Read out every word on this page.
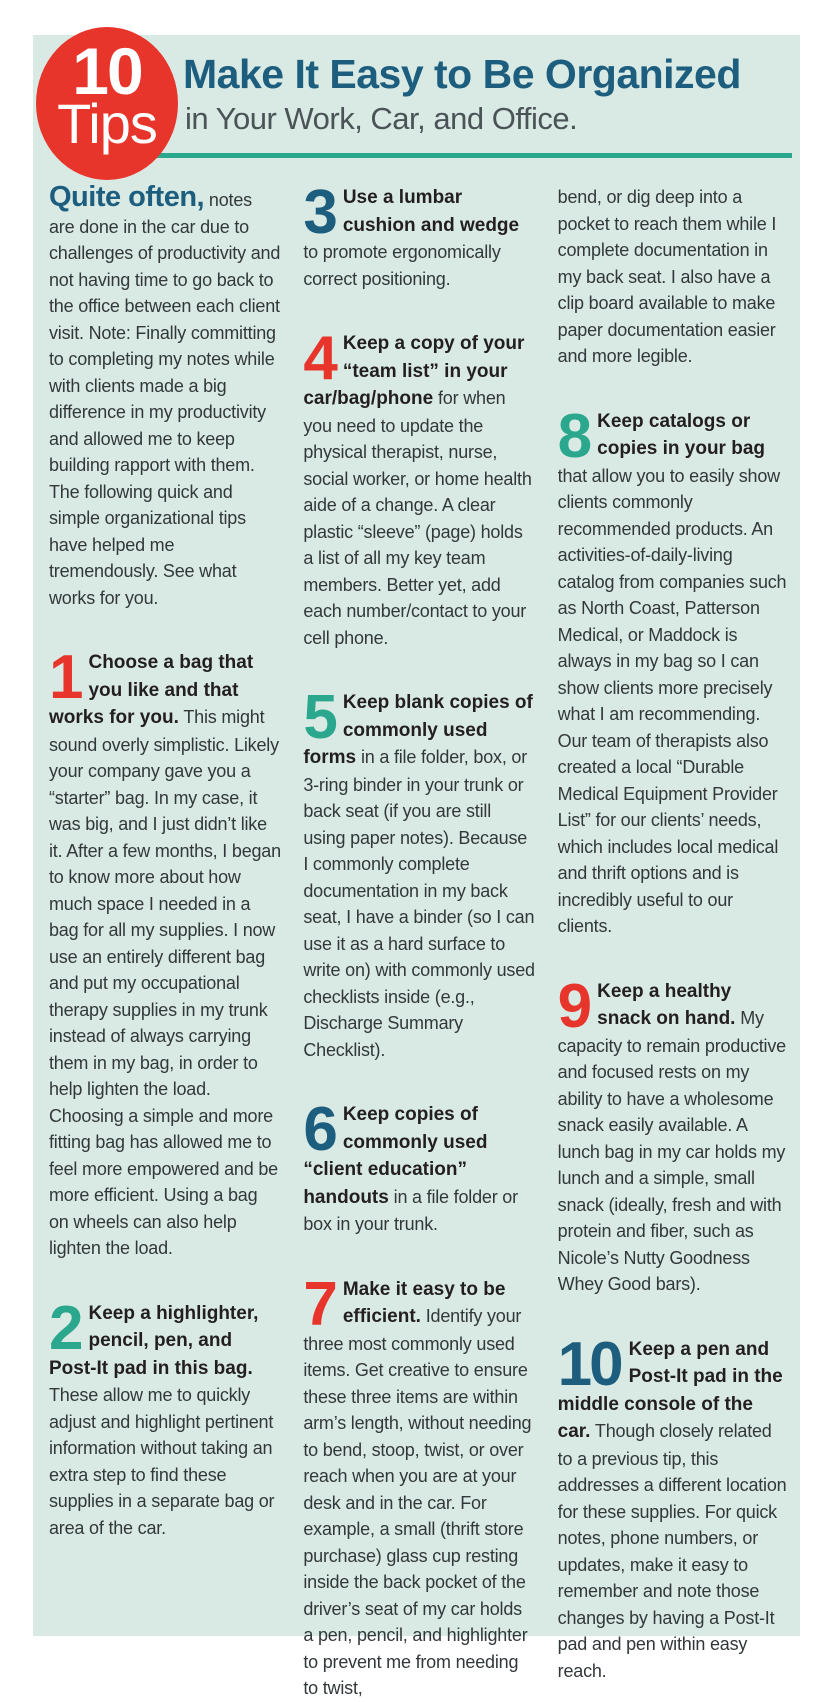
10
Tips
Make It Easy to Be Organized

in Your Work, Car, and Office.

Quite often, notes are done in the car due to challenges of productivity and not having time to go back to the office between each client visit. Note: Finally committing to completing my notes while with clients made a big difference in my productivity and allowed me to keep building rapport with them. The following quick and simple organizational tips have helped me tremendously. See what works for you.

1 Choose a bag that you like and that works for you. This might sound overly simplistic. Likely your company gave you a “starter” bag. In my case, it was big, and I just didn’t like it. After a few months, I began to know more about how much space I needed in a bag for all my supplies. I now use an entirely different bag and put my occupational therapy supplies in my trunk instead of always carrying them in my bag, in order to help lighten the load. Choosing a simple and more fitting bag has allowed me to feel more empowered and be more efficient. Using a bag on wheels can also help lighten the load.
2 Keep a highlighter, pencil, pen, and Post-It pad in this bag. These allow me to quickly adjust and highlight pertinent information without taking an extra step to find these supplies in a separate bag or area of the car.
3 Use a lumbar cushion and wedge to promote ergonomically correct positioning.
4 Keep a copy of your “team list” in your car/bag/phone for when you need to update the physical therapist, nurse, social worker, or home health aide of a change. A clear plastic “sleeve” (page) holds a list of all my key team members. Better yet, add each number/contact to your cell phone.
5 Keep blank copies of commonly used forms in a file folder, box, or 3-ring binder in your trunk or back seat (if you are still using paper notes). Because I commonly complete documentation in my back seat, I have a binder (so I can use it as a hard surface to write on) with commonly used checklists inside (e.g., Discharge Summary Checklist).
6 Keep copies of commonly used “client education” handouts in a file folder or box in your trunk.
7 Make it easy to be efficient. Identify your three most commonly used items. Get creative to ensure these three items are within arm’s length, without needing to bend, stoop, twist, or over reach when you are at your desk and in the car. For example, a small (thrift store purchase) glass cup resting inside the back pocket of the driver’s seat of my car holds a pen, pencil, and highlighter to prevent me from needing to twist,

bend, or dig deep into a pocket to reach them while I complete documentation in my back seat. I also have a clip board available to make paper documentation easier and more legible.

8 Keep catalogs or copies in your bag that allow you to easily show clients commonly recommended products. An activities-of-daily-living catalog from companies such as North Coast, Patterson Medical, or Maddock is always in my bag so I can show clients more precisely what I am recommending. Our team of therapists also created a local “Durable Medical Equipment Provider List” for our clients’ needs, which includes local medical and thrift options and is incredibly useful to our clients.
9 Keep a healthy snack on hand. My capacity to remain productive and focused rests on my ability to have a wholesome snack easily available. A lunch bag in my car holds my lunch and a simple, small snack (ideally, fresh and with protein and fiber, such as Nicole’s Nutty Goodness Whey Good bars).
10 Keep a pen and Post-It pad in the middle console of the car. Though closely related to a previous tip, this addresses a different location for these supplies. For quick notes, phone numbers, or updates, make it easy to remember and note those changes by having a Post-It pad and pen within easy reach.
